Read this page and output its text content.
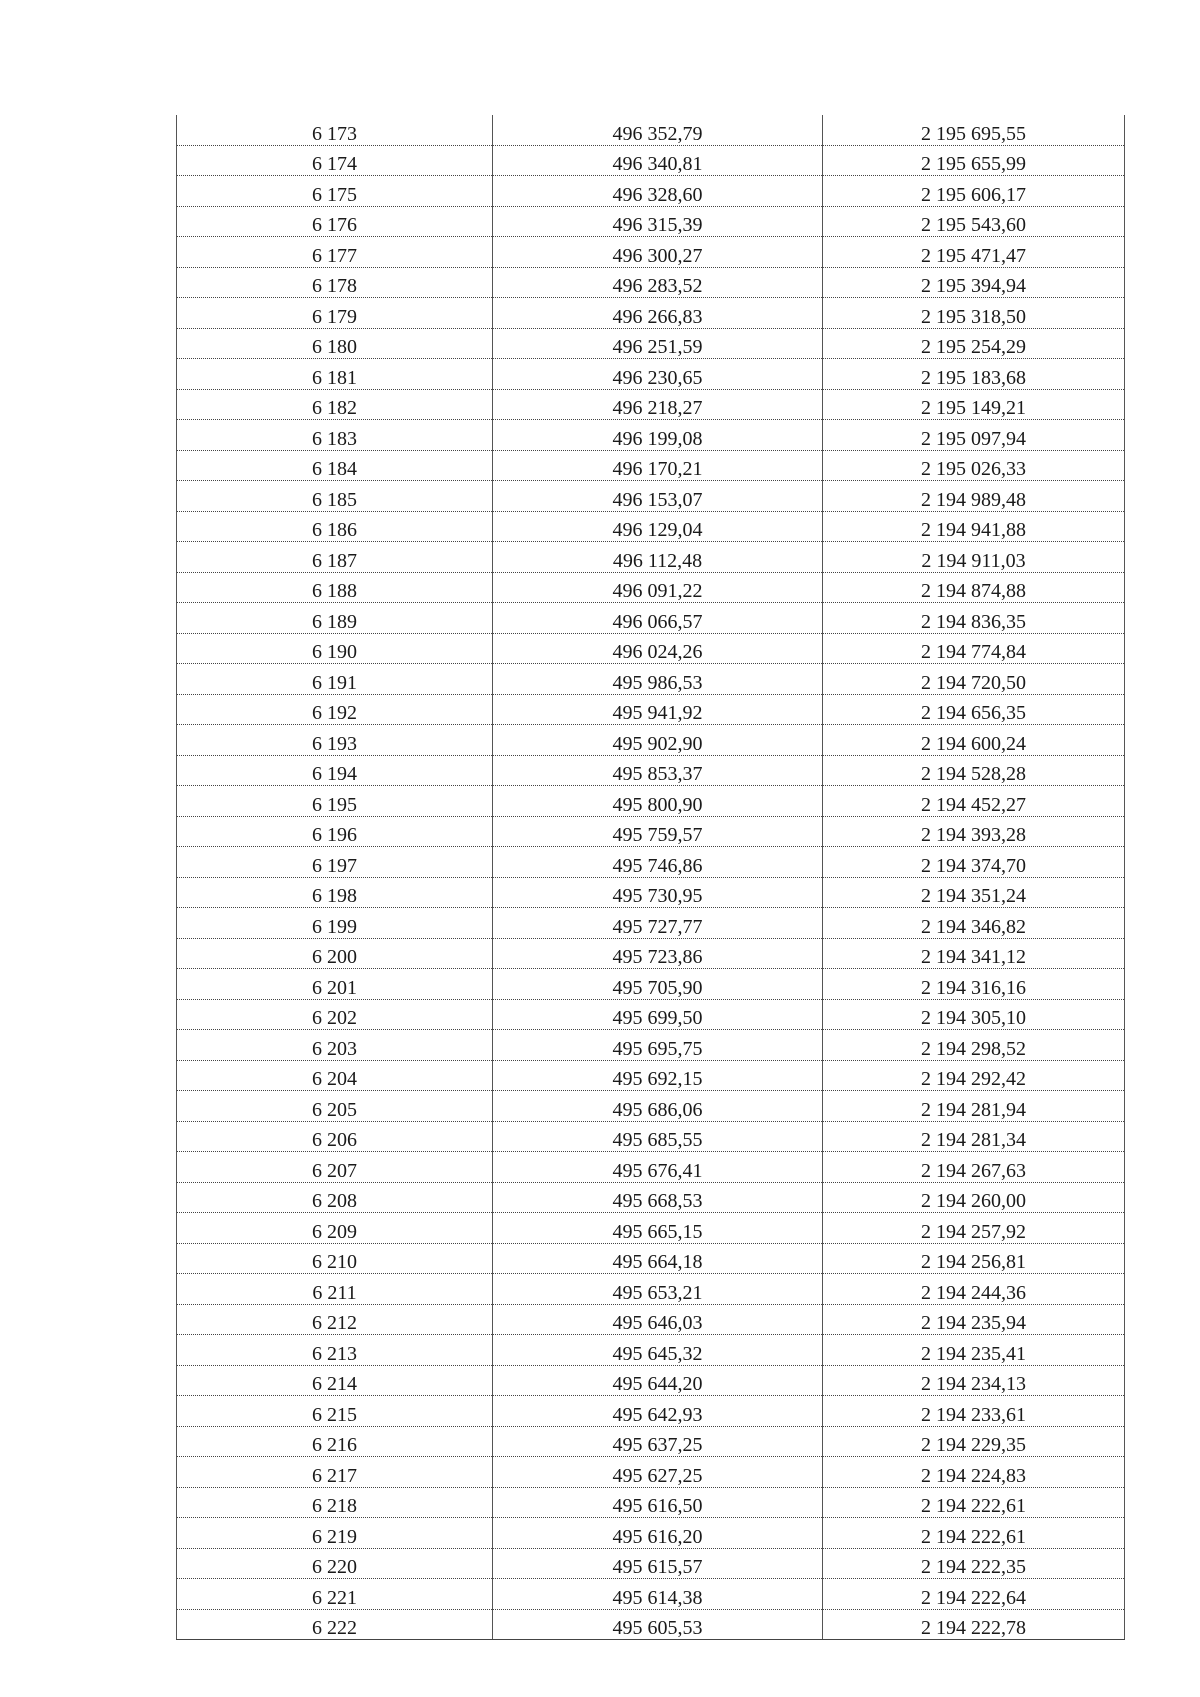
6 173	496 352,79	2 195 695,55
6 174	496 340,81	2 195 655,99
6 175	496 328,60	2 195 606,17
6 176	496 315,39	2 195 543,60
6 177	496 300,27	2 195 471,47
6 178	496 283,52	2 195 394,94
6 179	496 266,83	2 195 318,50
6 180	496 251,59	2 195 254,29
6 181	496 230,65	2 195 183,68
6 182	496 218,27	2 195 149,21
6 183	496 199,08	2 195 097,94
6 184	496 170,21	2 195 026,33
6 185	496 153,07	2 194 989,48
6 186	496 129,04	2 194 941,88
6 187	496 112,48	2 194 911,03
6 188	496 091,22	2 194 874,88
6 189	496 066,57	2 194 836,35
6 190	496 024,26	2 194 774,84
6 191	495 986,53	2 194 720,50
6 192	495 941,92	2 194 656,35
6 193	495 902,90	2 194 600,24
6 194	495 853,37	2 194 528,28
6 195	495 800,90	2 194 452,27
6 196	495 759,57	2 194 393,28
6 197	495 746,86	2 194 374,70
6 198	495 730,95	2 194 351,24
6 199	495 727,77	2 194 346,82
6 200	495 723,86	2 194 341,12
6 201	495 705,90	2 194 316,16
6 202	495 699,50	2 194 305,10
6 203	495 695,75	2 194 298,52
6 204	495 692,15	2 194 292,42
6 205	495 686,06	2 194 281,94
6 206	495 685,55	2 194 281,34
6 207	495 676,41	2 194 267,63
6 208	495 668,53	2 194 260,00
6 209	495 665,15	2 194 257,92
6 210	495 664,18	2 194 256,81
6 211	495 653,21	2 194 244,36
6 212	495 646,03	2 194 235,94
6 213	495 645,32	2 194 235,41
6 214	495 644,20	2 194 234,13
6 215	495 642,93	2 194 233,61
6 216	495 637,25	2 194 229,35
6 217	495 627,25	2 194 224,83
6 218	495 616,50	2 194 222,61
6 219	495 616,20	2 194 222,61
6 220	495 615,57	2 194 222,35
6 221	495 614,38	2 194 222,64
6 222	495 605,53	2 194 222,78
